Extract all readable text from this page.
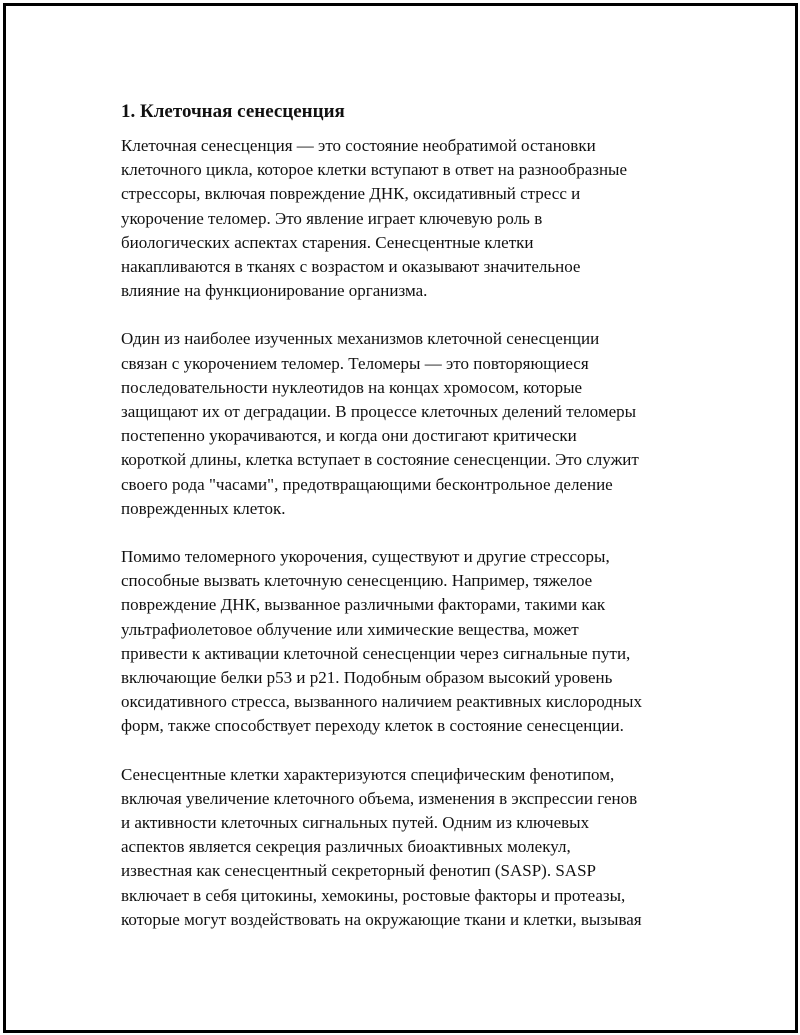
1. Клеточная сенесценция

Клеточная сенесценция — это состояние необратимой остановки
клеточного цикла, которое клетки вступают в ответ на разнообразные
стрессоры, включая повреждение ДНК, оксидативный стресс и
укорочение теломер. Это явление играет ключевую роль в
биологических аспектах старения. Сенесцентные клетки
накапливаются в тканях с возрастом и оказывают значительное
влияние на функционирование организма.

Один из наиболее изученных механизмов клеточной сенесценции
связан с укорочением теломер. Теломеры — это повторяющиеся
последовательности нуклеотидов на концах хромосом, которые
защищают их от деградации. В процессе клеточных делений теломеры
постепенно укорачиваются, и когда они достигают критически
короткой длины, клетка вступает в состояние сенесценции. Это служит
своего рода "часами", предотвращающими бесконтрольное деление
поврежденных клеток.

Помимо теломерного укорочения, существуют и другие стрессоры,
способные вызвать клеточную сенесценцию. Например, тяжелое
повреждение ДНК, вызванное различными факторами, такими как
ультрафиолетовое облучение или химические вещества, может
привести к активации клеточной сенесценции через сигнальные пути,
включающие белки p53 и p21. Подобным образом высокий уровень
оксидативного стресса, вызванного наличием реактивных кислородных
форм, также способствует переходу клеток в состояние сенесценции.

Сенесцентные клетки характеризуются специфическим фенотипом,
включая увеличение клеточного объема, изменения в экспрессии генов
и активности клеточных сигнальных путей. Одним из ключевых
аспектов является секреция различных биоактивных молекул,
известная как сенесцентный секреторный фенотип (SASP). SASP
включает в себя цитокины, хемокины, ростовые факторы и протеазы,
которые могут воздействовать на окружающие ткани и клетки, вызывая
